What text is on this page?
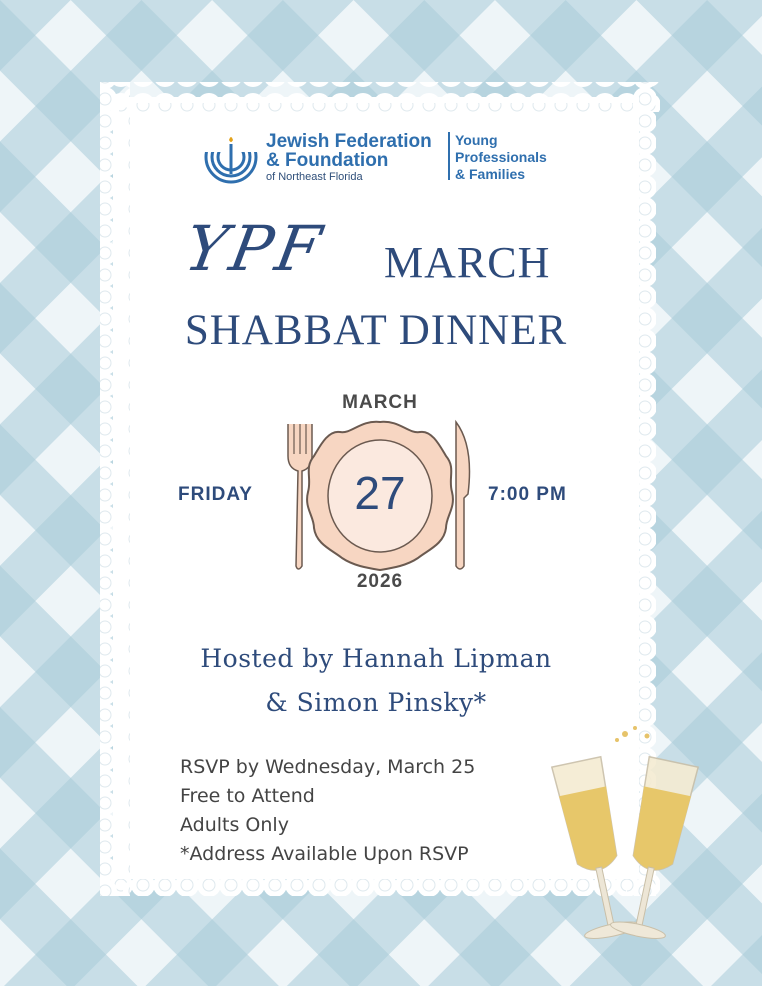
Jewish Federation
& Foundation
of Northeast Florida
Young
Professionals
& Families
YPF MARCH
SHABBAT DINNER
MARCH
FRIDAY	27	7:00 PM
2026
Hosted by Hannah Lipman
& Simon Pinsky*
RSVP by Wednesday, March 25
Free to Attend
Adults Only
*Address Available Upon RSVP
